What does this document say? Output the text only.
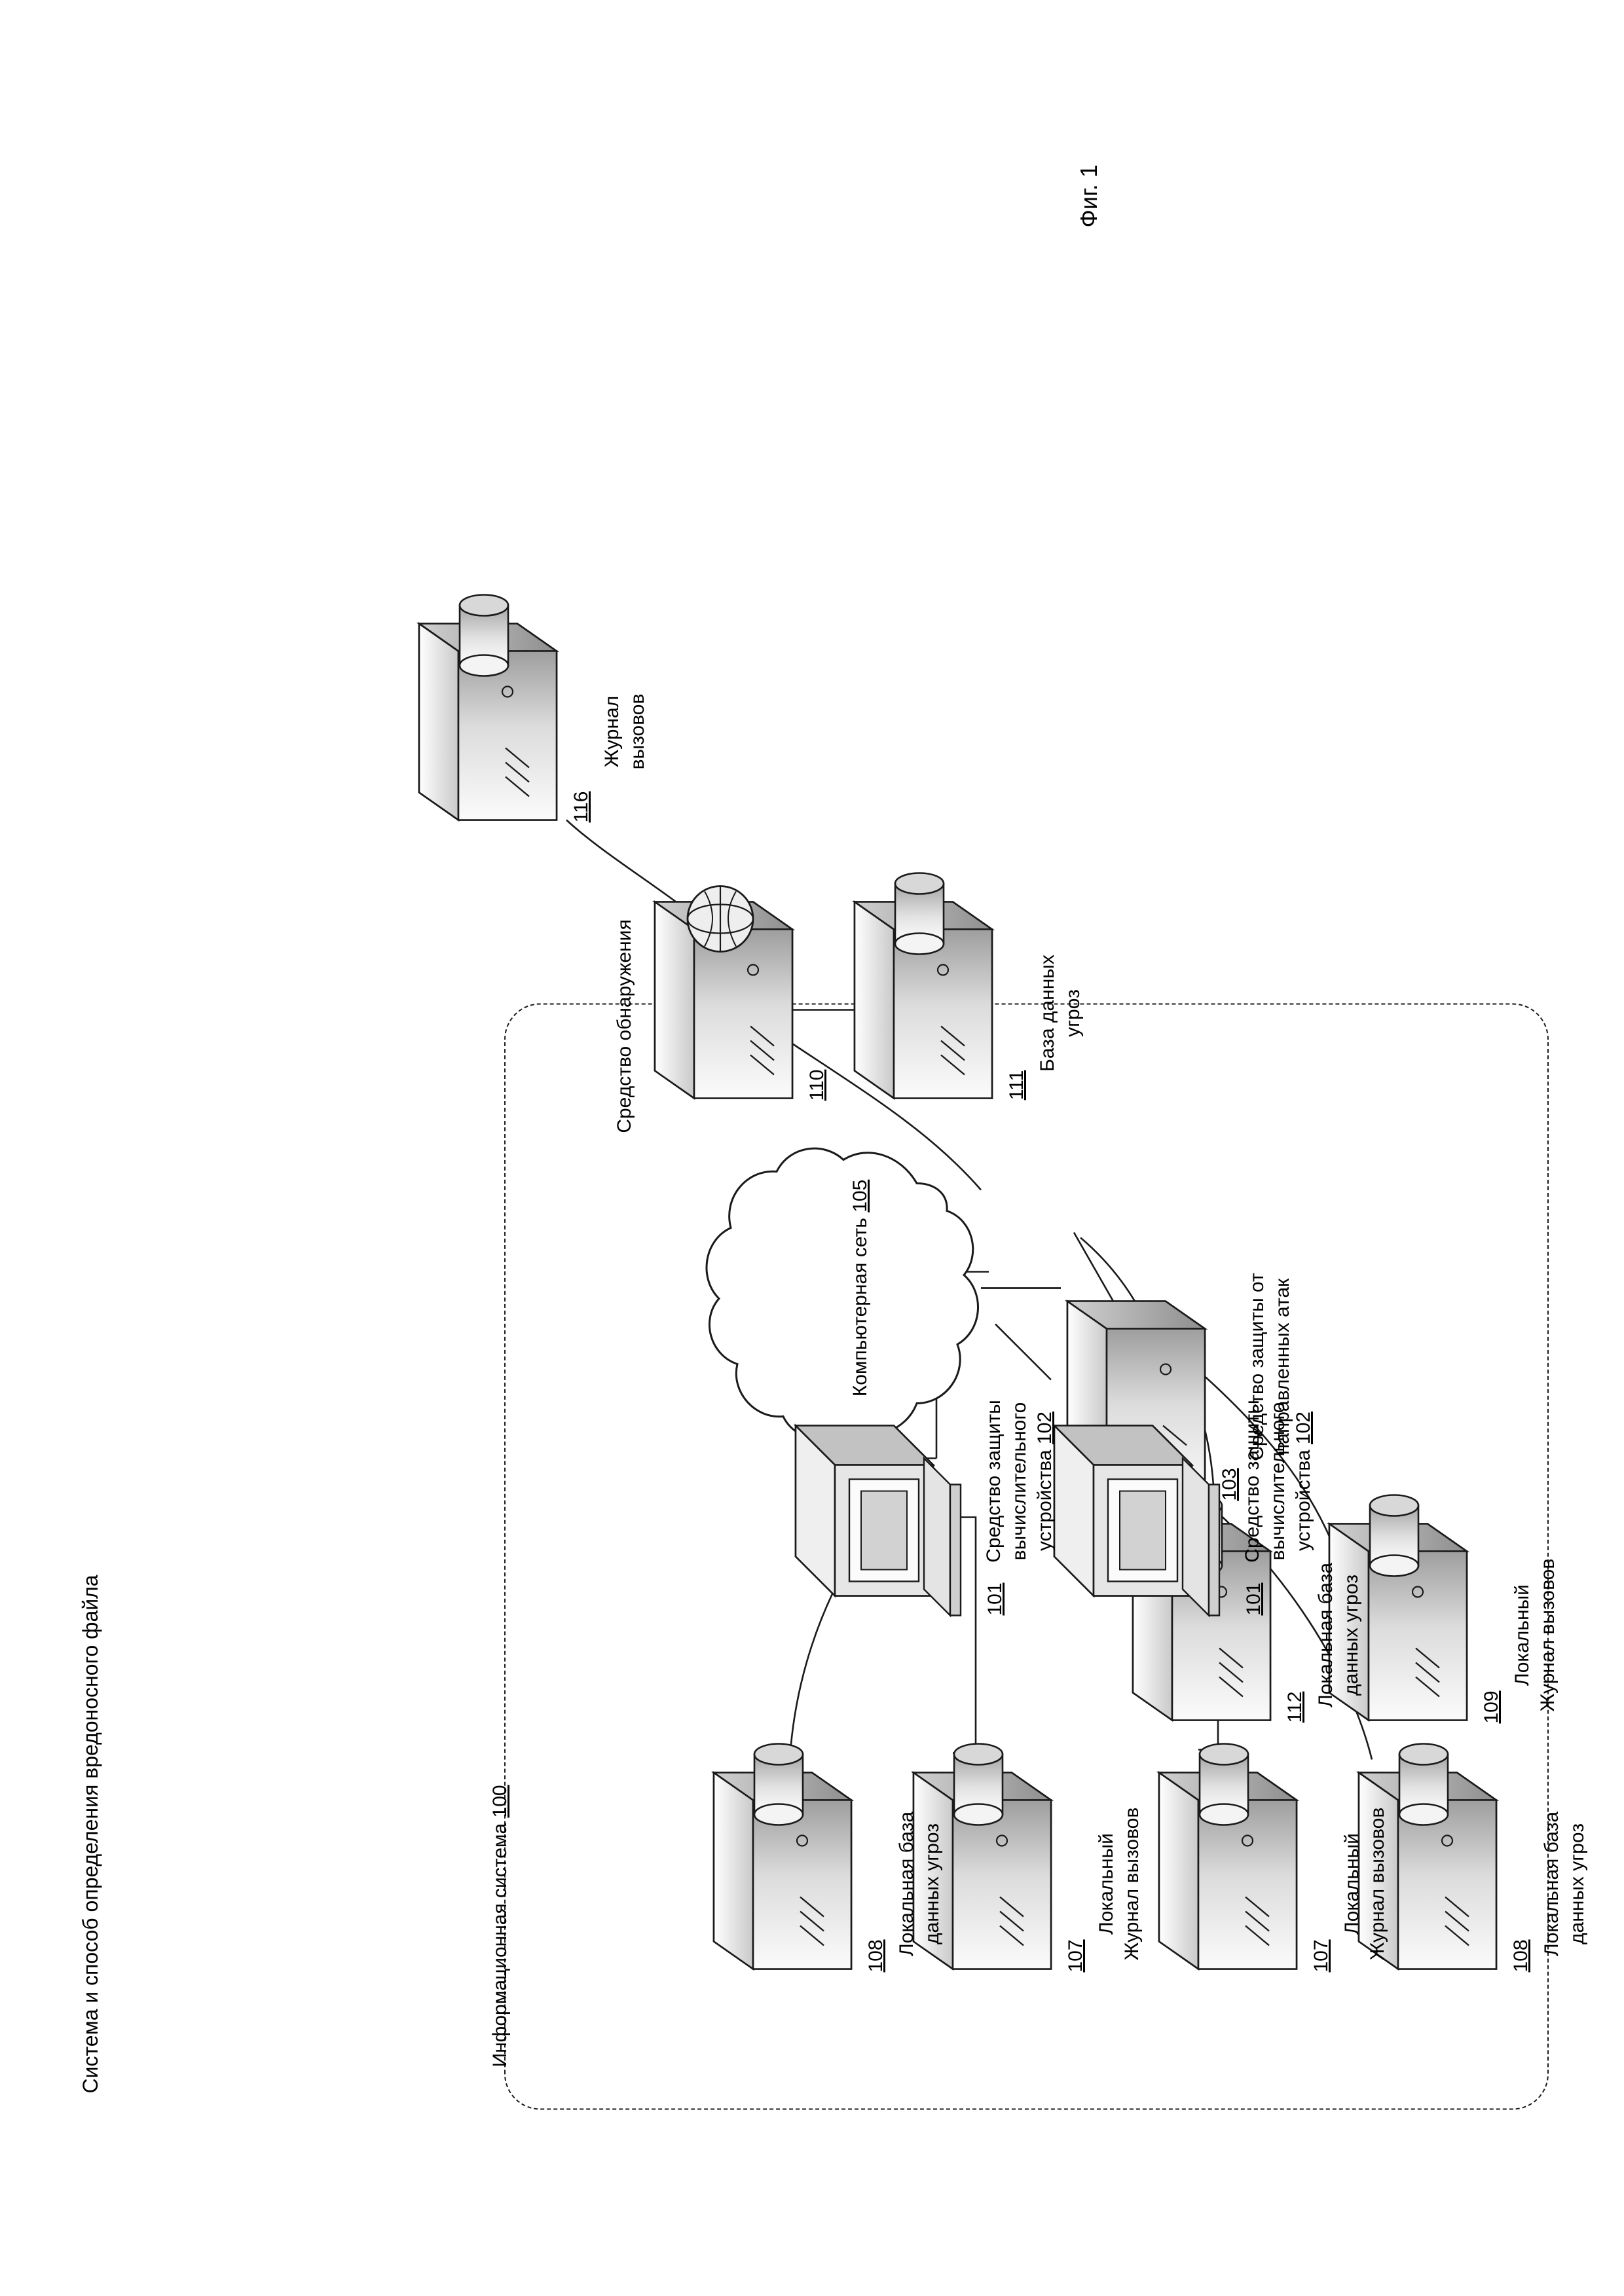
Система и способ определения вредоносного файла
Фиг. 1

Информационная система 100

Компьютерная сеть 105

Средство обнаружения
	110	111
База данных
угроз
116
Журнал
вызовов
103
Средство защиты от
направленных атак
112 Локальная база
данных угроз
109
Локальный
Журнал вызовов
101
Средство защиты
вычислительного
устройства 102
101
Средство защиты
вычислительного
устройства 102
108 Локальная база
данных угроз
107
Локальный
Журнал вызовов
107
Локальный
Журнал вызовов
108 Локальная база
данных угроз
